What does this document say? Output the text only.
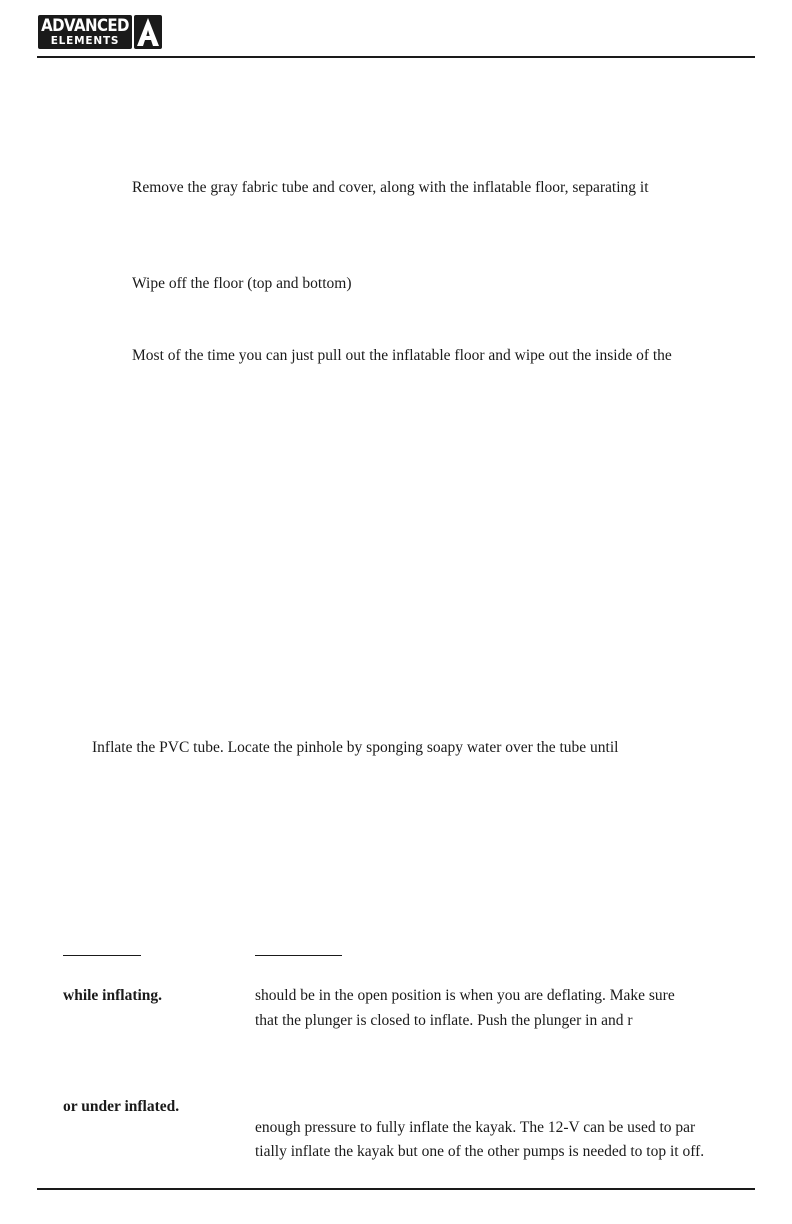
ADVANCED
ELEMENTS

Remove the gray fabric tube and cover, along with the inflatable floor, separating it

Wipe off the floor (top and bottom)

Most of the time you can just pull out the inflatable floor and wipe out the inside of the

Inflate the PVC tube. Locate the pinhole by sponging soapy water over the tube until

while inflating.	should be in the open position is when you are deflating. Make sure

that the plunger is closed to inflate. Push the plunger in and r

or under inflated.

enough pressure to fully inflate the kayak. The 12-V can be used to par

tially inflate the kayak but one of the other pumps is needed to top it off.
